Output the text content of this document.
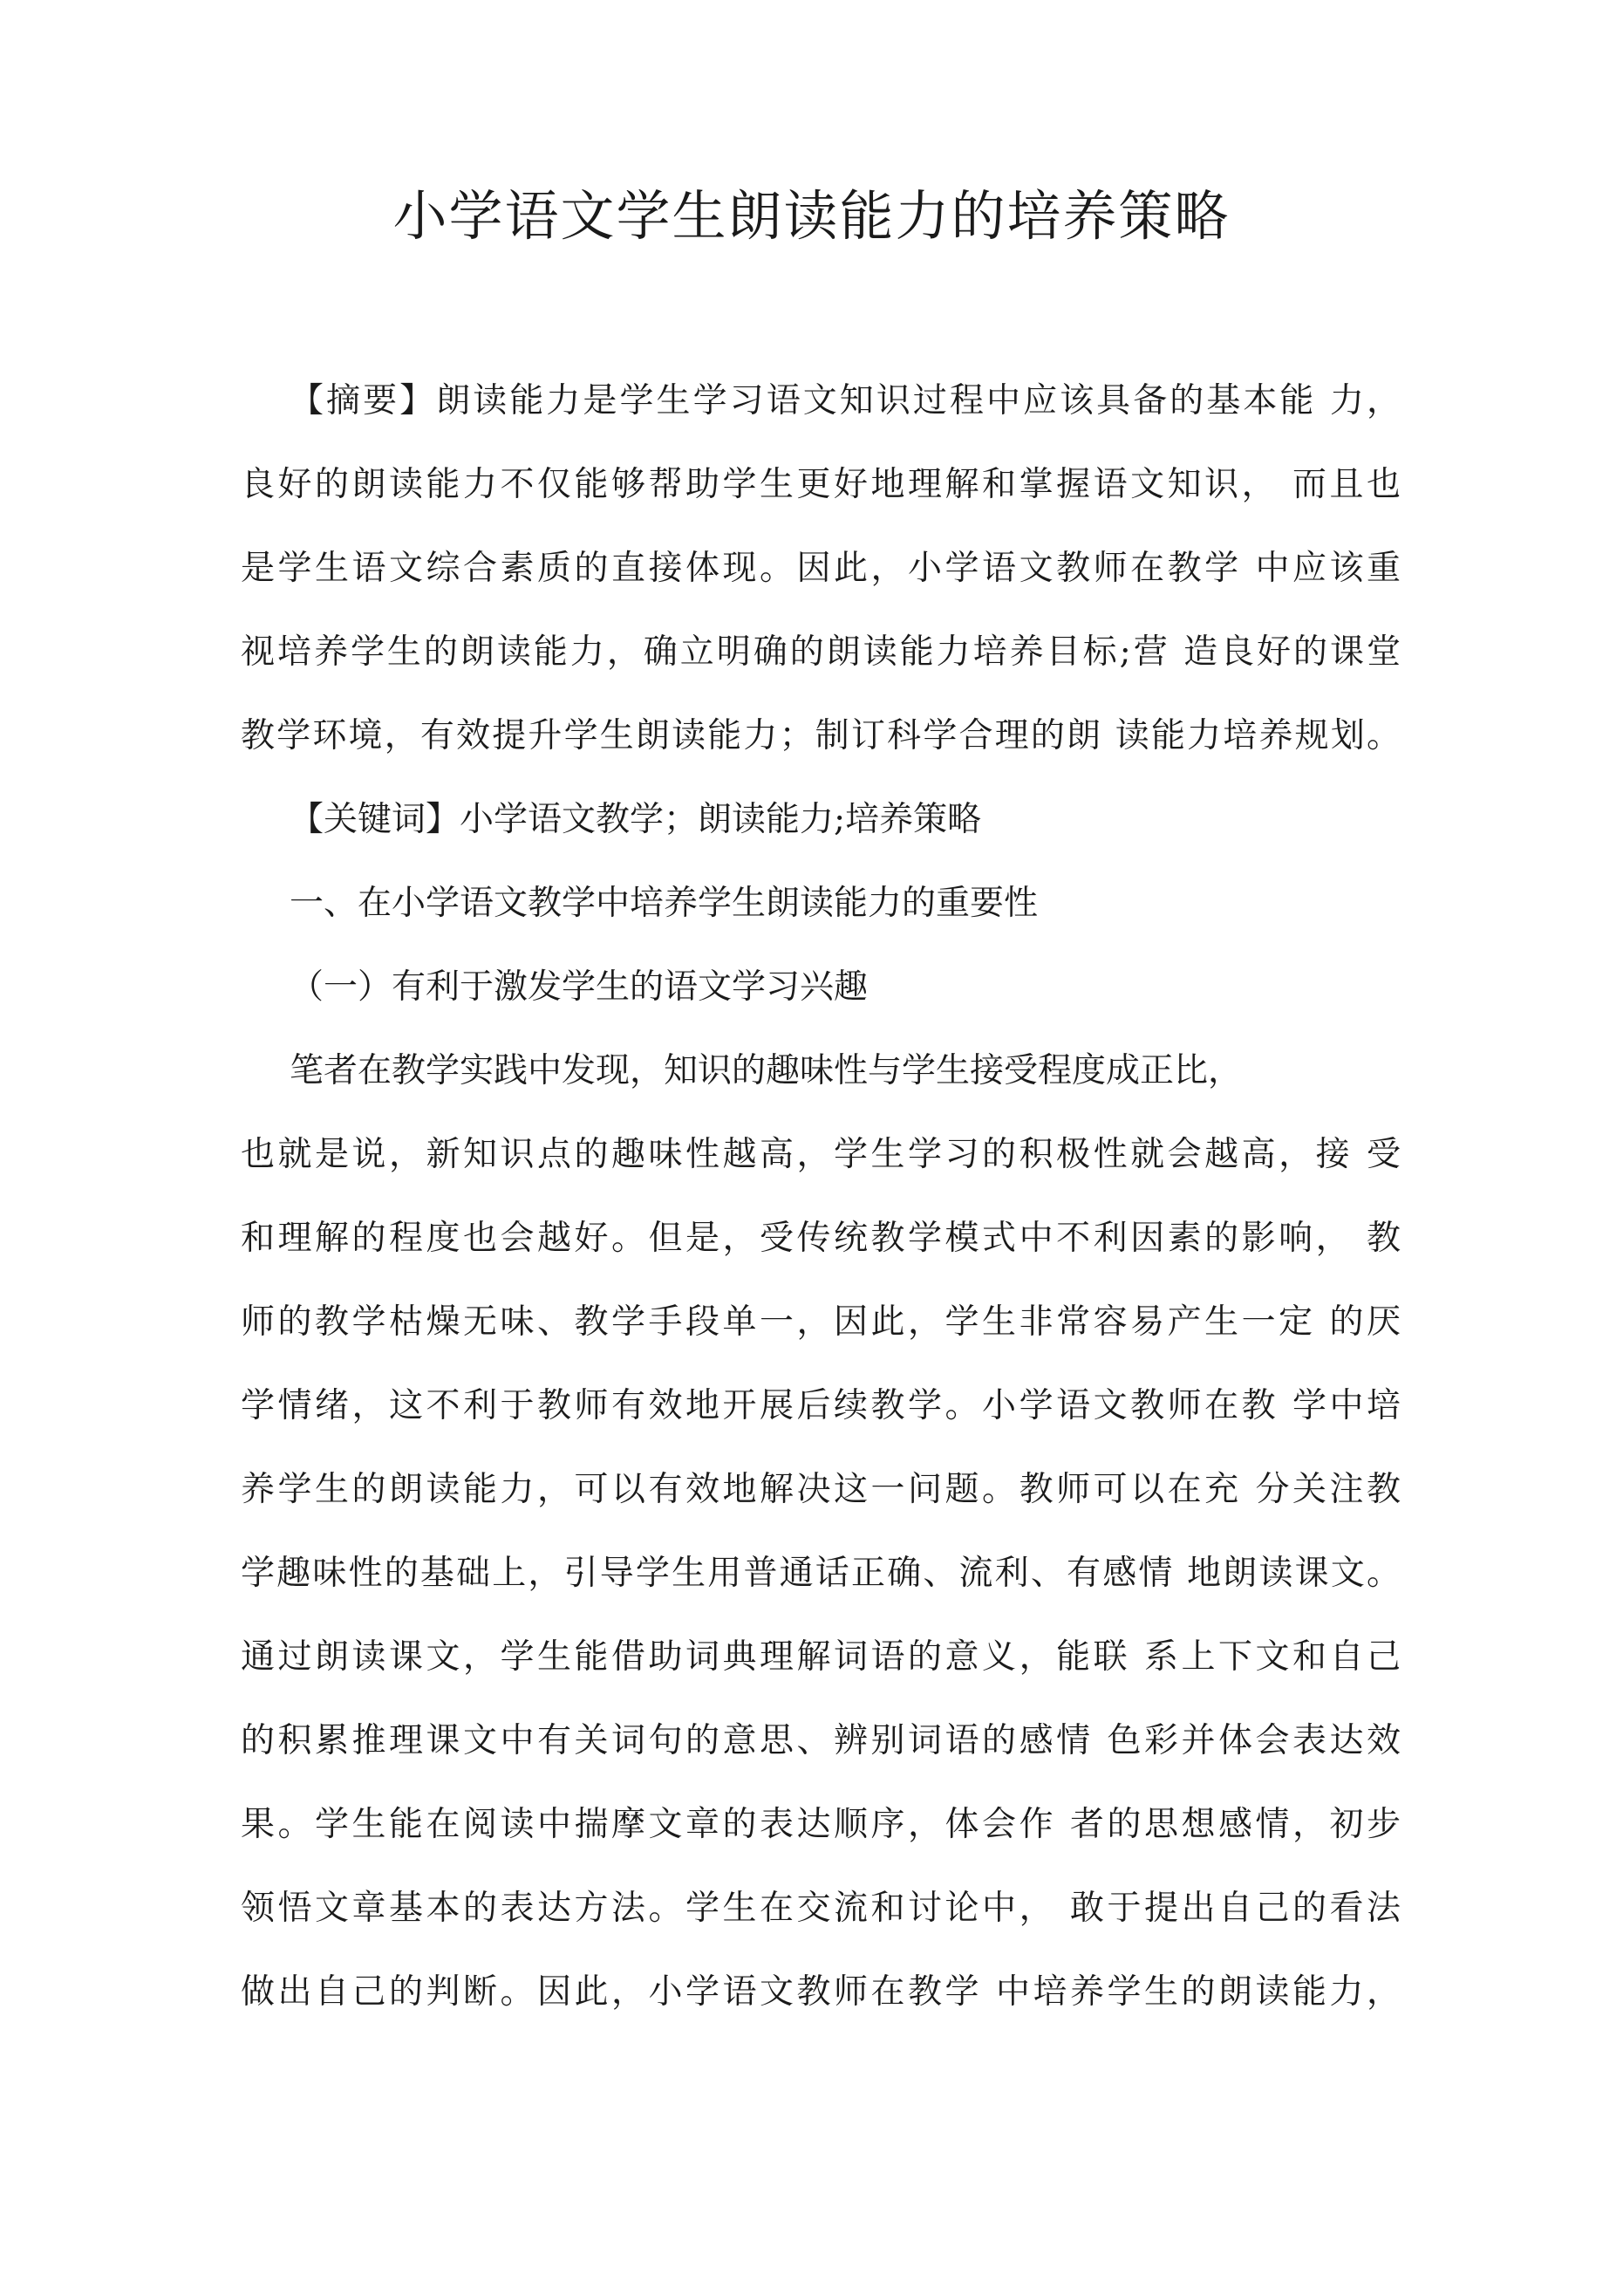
小学语文学生朗读能力的培养策略
【摘要】朗读能力是学生学习语文知识过程中应该具备的基本能 力，
良好的朗读能力不仅能够帮助学生更好地理解和掌握语文知识， 而且也
是学生语文综合素质的直接体现。因此，小学语文教师在教学 中应该重
视培养学生的朗读能力，确立明确的朗读能力培养目标;营 造良好的课堂
教学环境，有效提升学生朗读能力；制订科学合理的朗 读能力培养规划。
【关键词】小学语文教学；朗读能力;培养策略
一、在小学语文教学中培养学生朗读能力的重要性
（一）有利于激发学生的语文学习兴趣
笔者在教学实践中发现，知识的趣味性与学生接受程度成正比，
也就是说，新知识点的趣味性越高，学生学习的积极性就会越高，接 受
和理解的程度也会越好。但是，受传统教学模式中不利因素的影响， 教
师的教学枯燥无味、教学手段单一，因此，学生非常容易产生一定 的厌
学情绪，这不利于教师有效地开展后续教学。小学语文教师在教 学中培
养学生的朗读能力，可以有效地解决这一问题。教师可以在充 分关注教
学趣味性的基础上，引导学生用普通话正确、流利、有感情 地朗读课文。
通过朗读课文，学生能借助词典理解词语的意义，能联 系上下文和自己
的积累推理课文中有关词句的意思、辨别词语的感情 色彩并体会表达效
果。学生能在阅读中揣摩文章的表达顺序，体会作 者的思想感情，初步
领悟文章基本的表达方法。学生在交流和讨论中， 敢于提出自己的看法
做出自己的判断。因此，小学语文教师在教学 中培养学生的朗读能力，
